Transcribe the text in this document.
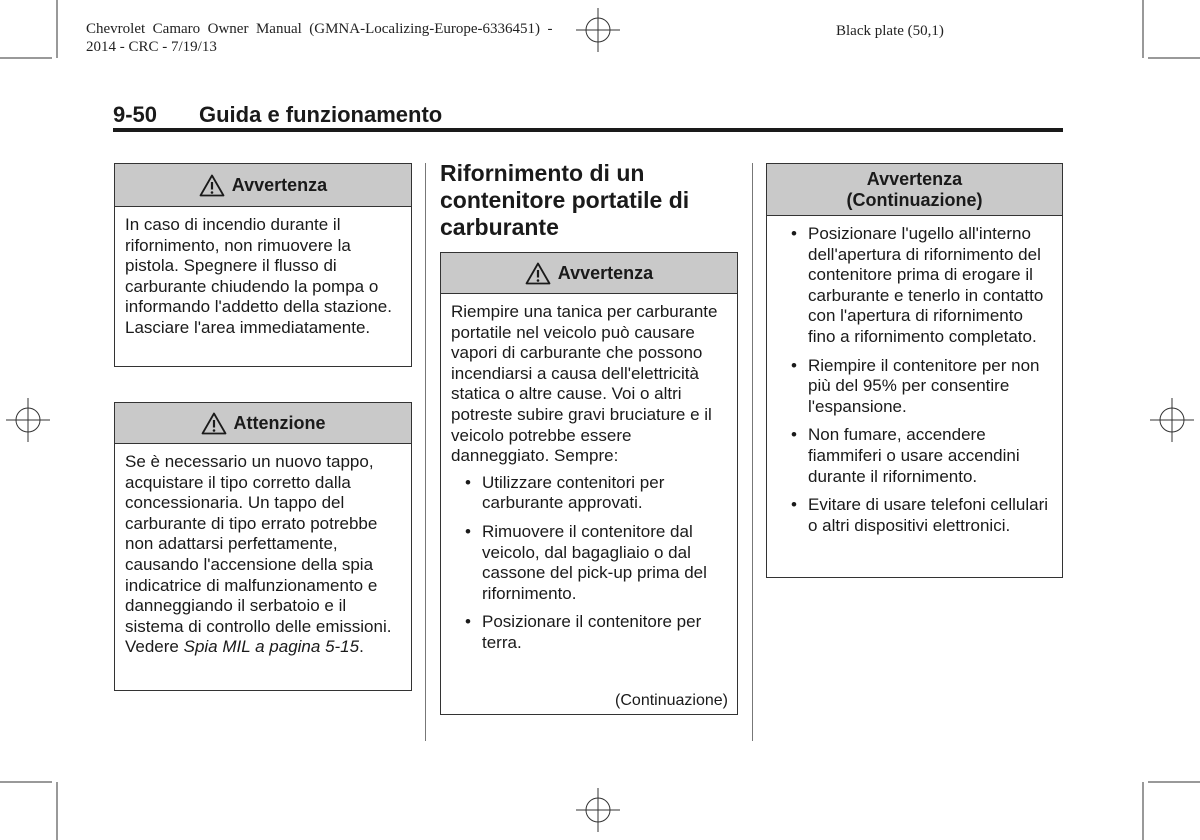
Chevrolet  Camaro  Owner  Manual  (GMNA-Localizing-Europe-6336451)  -
2014 - CRC - 7/19/13
Black plate (50,1)
9-50 Guida e funzionamento
Avvertenza
In caso di incendio durante il rifornimento, non rimuovere la pistola. Spegnere il flusso di carburante chiudendo la pompa o informando l'addetto della stazione. Lasciare l'area immediatamente.
Attenzione
Se è necessario un nuovo tappo, acquistare il tipo corretto dalla concessionaria. Un tappo del carburante di tipo errato potrebbe non adattarsi perfettamente, causando l'accensione della spia indicatrice di malfunzionamento e danneggiando il serbatoio e il sistema di controllo delle emissioni. Vedere Spia MIL a pagina 5-15.
Rifornimento di un contenitore portatile di carburante
Avvertenza
Riempire una tanica per carburante portatile nel veicolo può causare vapori di carburante che possono incendiarsi a causa dell'elettricità statica o altre cause. Voi o altri potreste subire gravi bruciature e il veicolo potrebbe essere danneggiato. Sempre:
• Utilizzare contenitori per carburante approvati.
• Rimuovere il contenitore dal veicolo, dal bagagliaio o dal cassone del pick-up prima del rifornimento.
• Posizionare il contenitore per terra.
(Continuazione)
Avvertenza
(Continuazione)
• Posizionare l'ugello all'interno dell'apertura di rifornimento del contenitore prima di erogare il carburante e tenerlo in contatto con l'apertura di rifornimento fino a rifornimento completato.
• Riempire il contenitore per non più del 95% per consentire l'espansione.
• Non fumare, accendere fiammiferi o usare accendini durante il rifornimento.
• Evitare di usare telefoni cellulari o altri dispositivi elettronici.
